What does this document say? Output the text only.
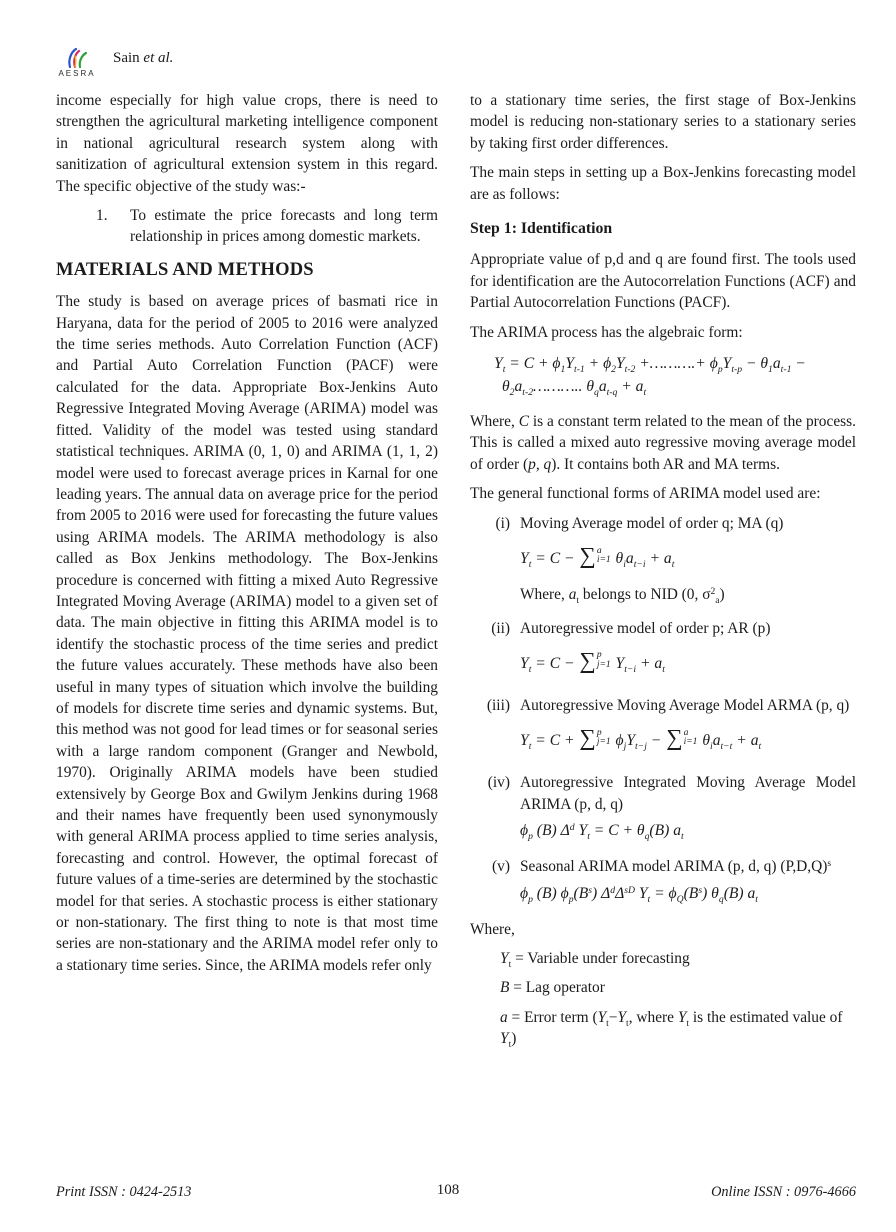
AESRA
Sain et al.

income especially for high value crops, there is need to strengthen the agricultural marketing intelligence component in national agricultural research system along with sanitization of agricultural extension system in this regard. The specific objective of the study was:-

1.	To estimate the price forecasts and long term relationship in prices among domestic markets.
MATERIALS AND METHODS

The study is based on average prices of basmati rice in Haryana, data for the period of 2005 to 2016 were analyzed the time series methods. Auto Correlation Function (ACF) and Partial Auto Correlation Function (PACF) were calculated for the data. Appropriate Box-Jenkins Auto Regressive Integrated Moving Average (ARIMA) model was fitted. Validity of the model was tested using standard statistical techniques. ARIMA (0, 1, 0) and ARIMA (1, 1, 2) model were used to forecast average prices in Karnal for one leading years. The annual data on average price for the period from 2005 to 2016 were used for forecasting the future values using ARIMA models. The ARIMA methodology is also called as Box Jenkins methodology. The Box-Jenkins procedure is concerned with fitting a mixed Auto Regressive Integrated Moving Average (ARIMA) model to a given set of data. The main objective in fitting this ARIMA model is to identify the stochastic process of the time series and predict the future values accurately. These methods have also been useful in many types of situation which involve the building of models for discrete time series and dynamic systems. But, this method was not good for lead times or for seasonal series with a large random component (Granger and Newbold, 1970). Originally ARIMA models have been studied extensively by George Box and Gwilym Jenkins during 1968 and their names have frequently been used synonymously with general ARIMA process applied to time series analysis, forecasting and control. However, the optimal forecast of future values of a time-series are determined by the stochastic model for that series. A stochastic process is either stationary or non-stationary. The first thing to note is that most time series are non-stationary and the ARIMA model refer only to a stationary time series. Since, the ARIMA models refer only

to a stationary time series, the first stage of Box-Jenkins model is reducing non-stationary series to a stationary series by taking first order differences.

The main steps in setting up a Box-Jenkins forecasting model are as follows:

Step 1: Identification

Appropriate value of p,d and q are found first. The tools used for identification are the Autocorrelation Functions (ACF) and Partial Autocorrelation Functions (PACF).

The ARIMA process has the algebraic form:

$Y_t = C + \phi_1Y_{t-1} + \phi_2Y_{t-2}$ +……….+ $\phi_pY_{t-p} - \theta_1a_{t-1}$ −
$\theta_2a_{t-2}\dots\dots\dots$.. $\theta_qa_{t-q} + a_t$

Where, C is a constant term related to the mean of the process. This is called a mixed auto regressive moving average model of order (p, q). It contains both AR and MA terms.

The general functional forms of ARIMA model used are:

(i) Moving Average model of order q; MA (q)
$Y_t = C$ − ∑ a
i=1 $\theta_ia_{t-i} + a_t$
Where, $a_t$ belongs to NID (0, $\sigma^2_a$)
(ii) Autoregressive model of order p; AR (p)
$Y_t = C$ − ∑ p
j=1 $Y_{t-i} + a_t$
(iii) Autoregressive Moving Average Model ARMA (p, q)
$Y_t = C$ + ∑ p
j=1 $\phi_jY_{t-j}$ − ∑ a
i=1 $\theta_ia_{t-t} + a_t$
(iv) Autoregressive Integrated Moving Average Model ARIMA (p, d, q)
$\phi_p$ (B) $\Delta^d$ $Y_t = C + \theta_q(B)$ $a_t$
(v) Seasonal ARIMA model ARIMA (p, d, q) $(P,D,Q)^s$
$\phi_p$ (B) $\phi_p(B^s)$ $\Delta^d\Delta^{sD}$ $Y_t = \phi_Q(B^s)$ $\theta_q(B)$ $a_t$
Where,
$Y_t$ = Variable under forecasting
B = Lag operator
a = Error term ($Y_t-Y_t$, where $Y_t$ is the estimated value of $Y_t$)
Print ISSN : 0424-2513	108	Online ISSN : 0976-4666
